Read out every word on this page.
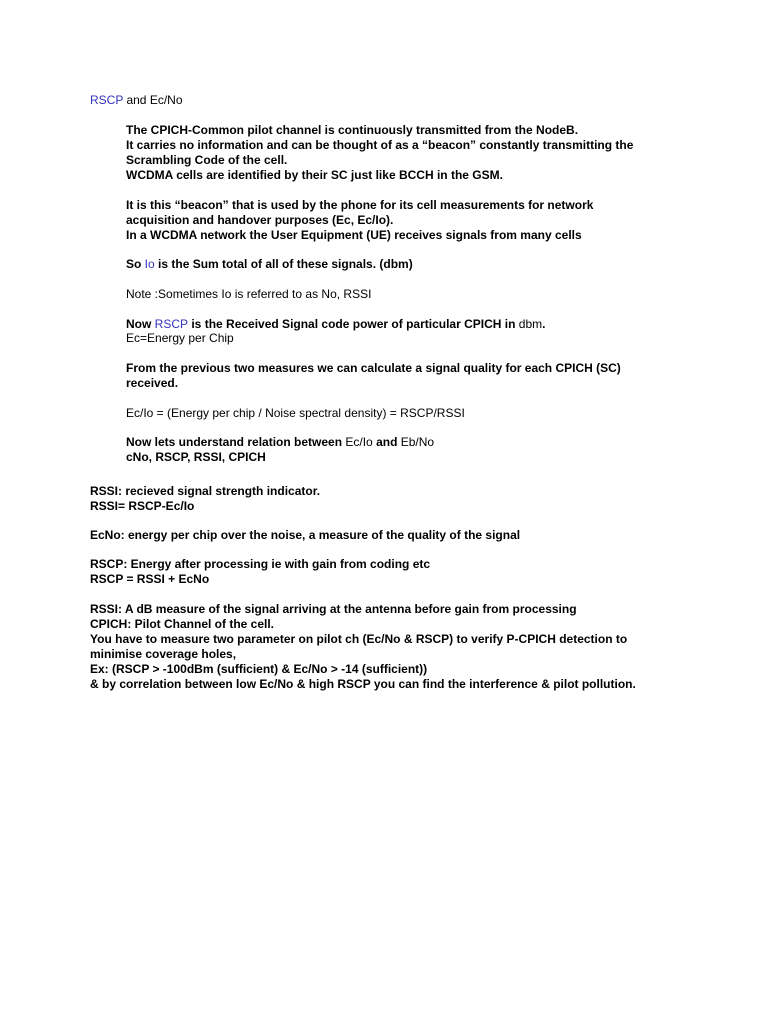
RSCP and Ec/No
The CPICH-Common pilot channel is continuously transmitted from the NodeB.
It carries no information and can be thought of as a “beacon” constantly transmitting the
Scrambling Code of the cell.
WCDMA cells are identified by their SC just like BCCH in the GSM.
It is this “beacon” that is used by the phone for its cell measurements for network
acquisition and handover purposes (Ec, Ec/Io).
In a WCDMA network the User Equipment (UE) receives signals from many cells
So Io is the Sum total of all of these signals. (dbm)
Note :Sometimes Io is referred to as No, RSSI
Now RSCP is the Received Signal code power of particular CPICH in dbm.
Ec=Energy per Chip
From the previous two measures we can calculate a signal quality for each CPICH (SC)
received.
Ec/Io = (Energy per chip / Noise spectral density) = RSCP/RSSI
Now lets understand relation between Ec/Io and Eb/No
cNo, RSCP, RSSI, CPICH
RSSI: recieved signal strength indicator.
RSSI= RSCP-Ec/Io
EcNo: energy per chip over the noise, a measure of the quality of the signal
RSCP: Energy after processing ie with gain from coding etc
RSCP = RSSI + EcNo
RSSI: A dB measure of the signal arriving at the antenna before gain from processing
CPICH: Pilot Channel of the cell.
You have to measure two parameter on pilot ch (Ec/No & RSCP) to verify P-CPICH detection to
minimise coverage holes,
Ex: (RSCP > -100dBm (sufficient) & Ec/No > -14 (sufficient))
& by correlation between low Ec/No & high RSCP you can find the interference & pilot pollution.
